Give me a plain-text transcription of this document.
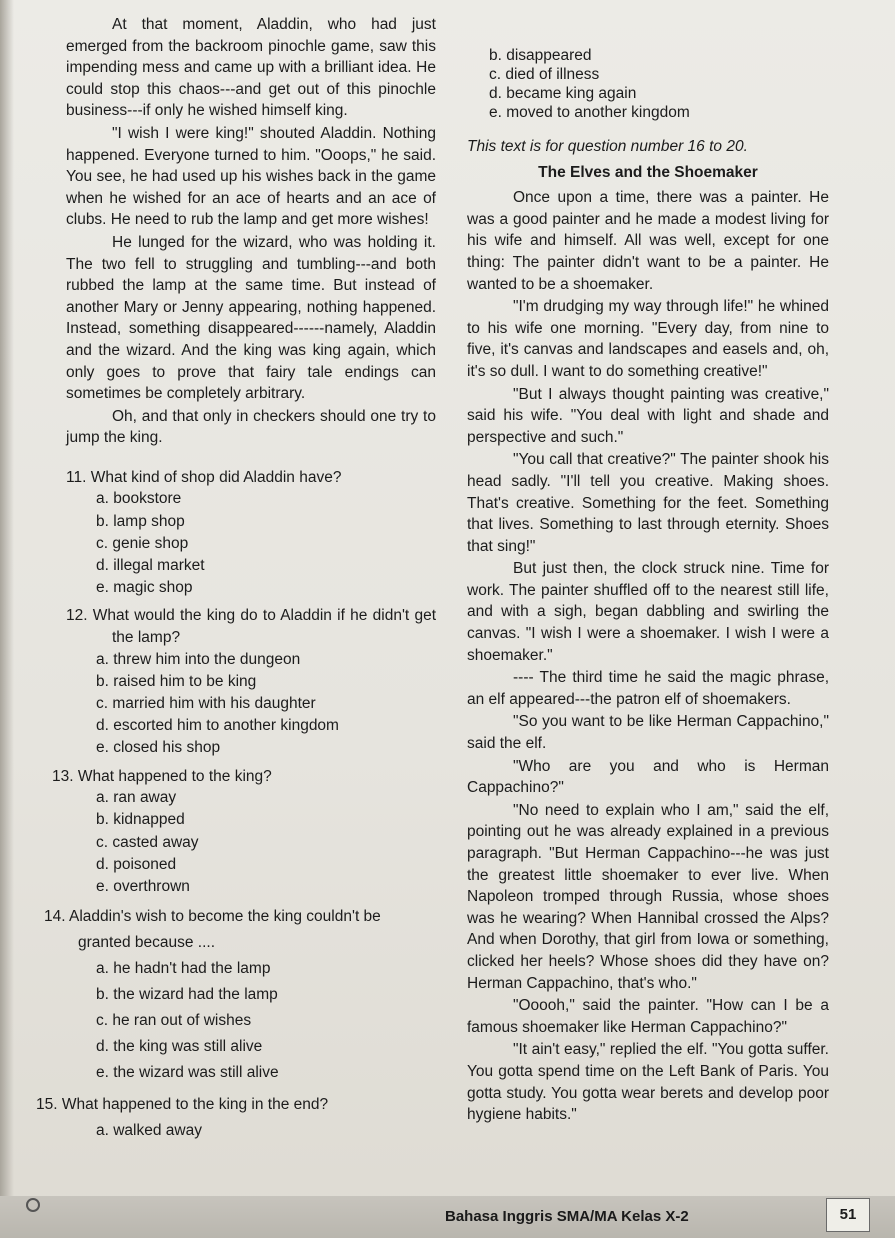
At that moment, Aladdin, who had just emerged from the backroom pinochle game, saw this impending mess and came up with a brilliant idea. He could stop this chaos---and get out of this pinochle business---if only he wished himself king.

"I wish I were king!" shouted Aladdin. Nothing happened. Everyone turned to him. "Ooops," he said. You see, he had used up his wishes back in the game when he wished for an ace of hearts and an ace of clubs. He need to rub the lamp and get more wishes!

He lunged for the wizard, who was holding it. The two fell to struggling and tumbling---and both rubbed the lamp at the same time. But instead of another Mary or Jenny appearing, nothing happened. Instead, something disappeared------namely, Aladdin and the wizard. And the king was king again, which only goes to prove that fairy tale endings can sometimes be completely arbitrary.

Oh, and that only in checkers should one try to jump the king.

11. What kind of shop did Aladdin have?
a. bookstore
b. lamp shop
c. genie shop
d. illegal market
e. magic shop
12. What would the king do to Aladdin if he didn't get the lamp?
a. threw him into the dungeon
b. raised him to be king
c. married him with his daughter
d. escorted him to another kingdom
e. closed his shop
13. What happened to the king?
a. ran away
b. kidnapped
c. casted away
d. poisoned
e. overthrown
14. Aladdin's wish to become the king couldn't be granted because ....
a. he hadn't had the lamp
b. the wizard had the lamp
c. he ran out of wishes
d. the king was still alive
e. the wizard was still alive
15. What happened to the king in the end?
a. walked away
b. disappeared
c. died of illness
d. became king again
e. moved to another kingdom
This text is for question number 16 to 20.
The Elves and the Shoemaker

Once upon a time, there was a painter. He was a good painter and he made a modest living for his wife and himself. All was well, except for one thing: The painter didn't want to be a painter. He wanted to be a shoemaker.

"I'm drudging my way through life!" he whined to his wife one morning. "Every day, from nine to five, it's canvas and landscapes and easels and, oh, it's so dull. I want to do something creative!"

"But I always thought painting was creative," said his wife. "You deal with light and shade and perspective and such."

"You call that creative?" The painter shook his head sadly. "I'll tell you creative. Making shoes. That's creative. Something for the feet. Something that lives. Something to last through eternity. Shoes that sing!"

But just then, the clock struck nine. Time for work. The painter shuffled off to the nearest still life, and with a sigh, began dabbling and swirling the canvas. "I wish I were a shoemaker. I wish I were a shoemaker."

---- The third time he said the magic phrase, an elf appeared---the patron elf of shoemakers.

"So you want to be like Herman Cappachino," said the elf.

"Who are you and who is Herman Cappachino?"

"No need to explain who I am," said the elf, pointing out he was already explained in a previous paragraph. "But Herman Cappachino---he was just the greatest little shoemaker to ever live. When Napoleon tromped through Russia, whose shoes was he wearing? When Hannibal crossed the Alps? And when Dorothy, that girl from Iowa or something, clicked her heels? Whose shoes did they have on? Herman Cappachino, that's who."

"Ooooh," said the painter. "How can I be a famous shoemaker like Herman Cappachino?"

"It ain't easy," replied the elf. "You gotta suffer. You gotta spend time on the Left Bank of Paris. You gotta study. You gotta wear berets and develop poor hygiene habits."

Bahasa Inggris SMA/MA Kelas X-2	51
